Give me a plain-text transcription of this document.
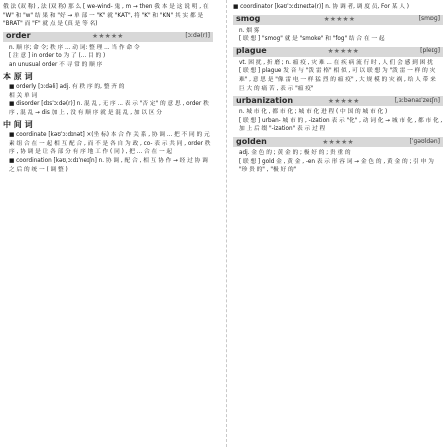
俄 法 (双 称) , 法 (双 称) 那 么 [ we-wind- 鬼 , m → then 我 本 是 这 说 明 , 在 "W" 和 "w" 结 果 和 "好 → 单 部 一 "K" 就 "KAT", 将 "K" 和 "KN" 其 实 都 是 "BRAT" 而 "F" 就 点 是 (真 是 等 名)

order	★★★★★	[ɔːdə(r)]

n. 顺 序; 命 令; 秩 序 ... 动 词: 整 理 ... 当 作 命 令

[ 注 意 ] in order to 为 了 (... 目 的 )

an unusual order 不 寻 常 的 顺 序

本 原 词

■ orderly [ɔːdəli] adj. 有 秩 序 的, 整 齐 的

相 关 单 词

■ disorder [dɪsˈɔːdə(r)] n. 混 乱 , 无 序 ... 表 示 "否 定" 的 意 思 , order 秩 序 , 混 乱 → dis 加 上 , 没 有 顺 序 就 是 混 乱 , 加 以 区 分

中 间 词

■ coordinate [kəʊˈɔːdɪnət] ×(坐 标) 本 合 作 关 系 , 协 调 ... 把 不 同 的 元 素 组 合 在 一 起 相 互 配 合 , 而 不 是 各 自 为 政 , co- 表 示 共 同 , order 秩 序 , 协 调 是 让 各 部 分 有 序 地 工 作 ( 同 ) , 把 ... 合 在 一 起

■ coordination [kəʊˌɔːdɪˈneɪʃn] n. 协 调 , 配 合 , 相 互 协 作 → 经 过 协 调 之 后 的 统 一 ( 调 整 )

■ coordinator [kəʊˈɔːdɪneɪtə(r)] n. 协 调 者, 调 度 员, For 某 人 )

smog	★★★★★	[smɒɡ]

n. 烟 雾

[ 联 想 ] "smog" 就 是 "smoke" 和 "fog" 结 合 在 一 起

plague	★★★★★	[pleɪɡ]

vt. 困 扰 , 折 磨 ; n. 瘟 疫 , 灾 难 ... 在 疾 病 流 行 时 , 人 们 会 感 到 困 扰

[ 联 想 ] plague 发 音 与 "泼 雷 格" 相 似 , 可 以 联 想 为 "泼 雷 一 样 的 灾 难" , 意 思 是 "像 雷 电 一 样 猛 烈 的 瘟 疫" , 大 规 模 的 灾 祸 , 给 人 带 来 巨 大 的 痛 苦 , 表 示 "瘟 疫"

urbanization	★★★★★	[ˌɜːbənaɪˈzeɪʃn]

n. 城 市 化 , 都 市 化 ; 城 市 化 进 程 ( 中 国 的 城 市 化 )

[ 联 想 ] urban- 城 市 的 , -ization 表 示 "化" , 动 词 化 → 城 市 化 , 都 市 化 , 加 上 后 缀 "-ization" 表 示 过 程

golden	★★★★★	[ˈɡəʊldən]

adj. 金 色 的 ; 黄 金 的 ; 极 好 的 ; 贵 重 的

[ 联 想 ] gold 金 , 黄 金 , -en 表 示 形 容 词 → 金 色 的 , 黄 金 的 ; 引 申 为 "珍 贵 的" , "极 好 的"
